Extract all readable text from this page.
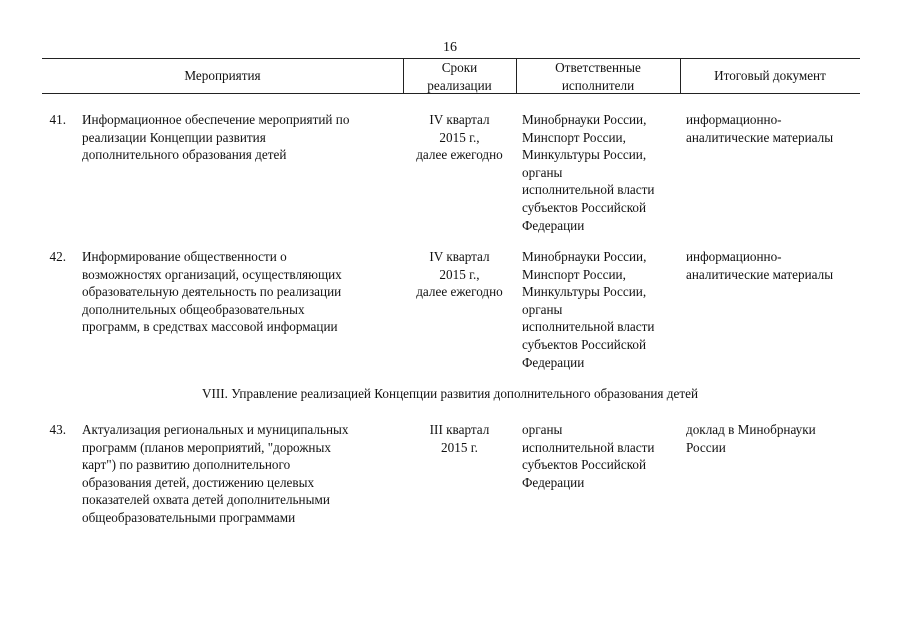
16
Мероприятия
Сроки
реализации
Ответственные
исполнители
Итоговый документ
41. Информационное обеспечение мероприятий по
реализации Концепции развития
дополнительного образования детей
IV квартал
2015 г.,
далее ежегодно
Минобрнауки России,
Минспорт России,
Минкультуры России,
органы
исполнительной власти
субъектов Российской
Федерации
информационно-
аналитические материалы
42. Информирование общественности о
возможностях организаций, осуществляющих
образовательную деятельность по реализации
дополнительных общеобразовательных
программ, в средствах массовой информации
IV квартал
2015 г.,
далее ежегодно
Минобрнауки России,
Минспорт России,
Минкультуры России,
органы
исполнительной власти
субъектов Российской
Федерации
информационно-
аналитические материалы
VIII. Управление реализацией Концепции развития дополнительного образования детей
43. Актуализация региональных и муниципальных
программ (планов мероприятий, "дорожных
карт") по развитию дополнительного
образования детей, достижению целевых
показателей охвата детей дополнительными
общеобразовательными программами
III квартал
2015 г.
органы
исполнительной власти
субъектов Российской
Федерации
доклад в Минобрнауки
России
